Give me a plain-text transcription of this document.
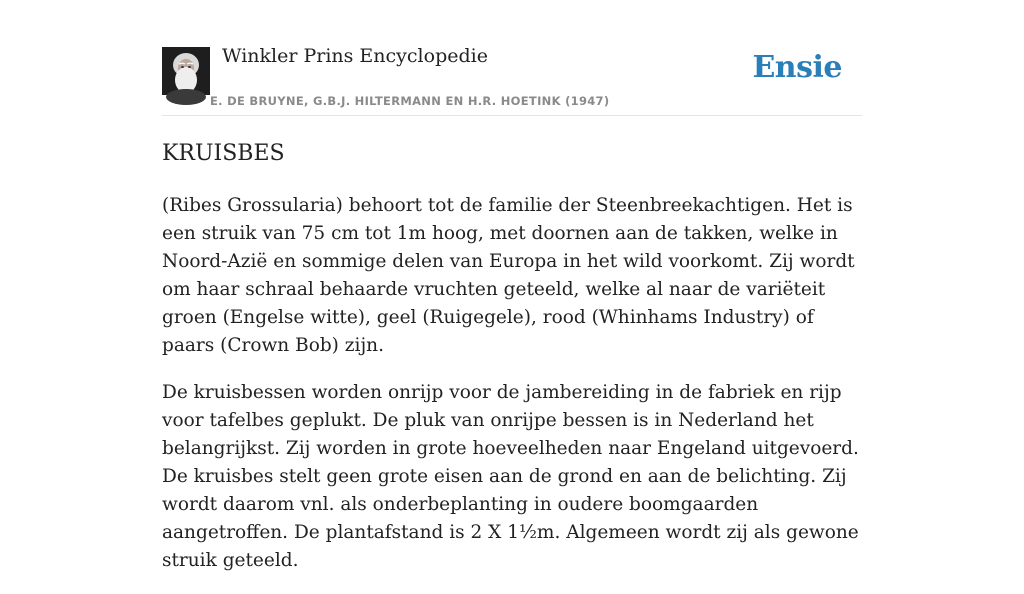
Winkler Prins Encyclopedie
E. DE BRUYNE, G.B.J. HILTERMANN EN H.R. HOETINK (1947)
Ensie
KRUISBES

(Ribes Grossularia) behoort tot de familie der Steenbreekachtigen. Het is een struik van 75 cm tot 1m hoog, met doornen aan de takken, welke in Noord-Azië en sommige delen van Europa in het wild voorkomt. Zij wordt om haar schraal behaarde vruchten geteeld, welke al naar de variëteit groen (Engelse witte), geel (Ruigegele), rood (Whinhams Industry) of paars (Crown Bob) zijn.

De kruisbessen worden onrijp voor de jambereiding in de fabriek en rijp voor tafelbes geplukt. De pluk van onrijpe bessen is in Nederland het belangrijkst. Zij worden in grote hoeveelheden naar Engeland uitgevoerd. De kruisbes stelt geen grote eisen aan de grond en aan de belichting. Zij wordt daarom vnl. als onderbeplanting in oudere boomgaarden aangetroffen. De plantafstand is 2 X 1½m. Algemeen wordt zij als gewone struik geteeld.
